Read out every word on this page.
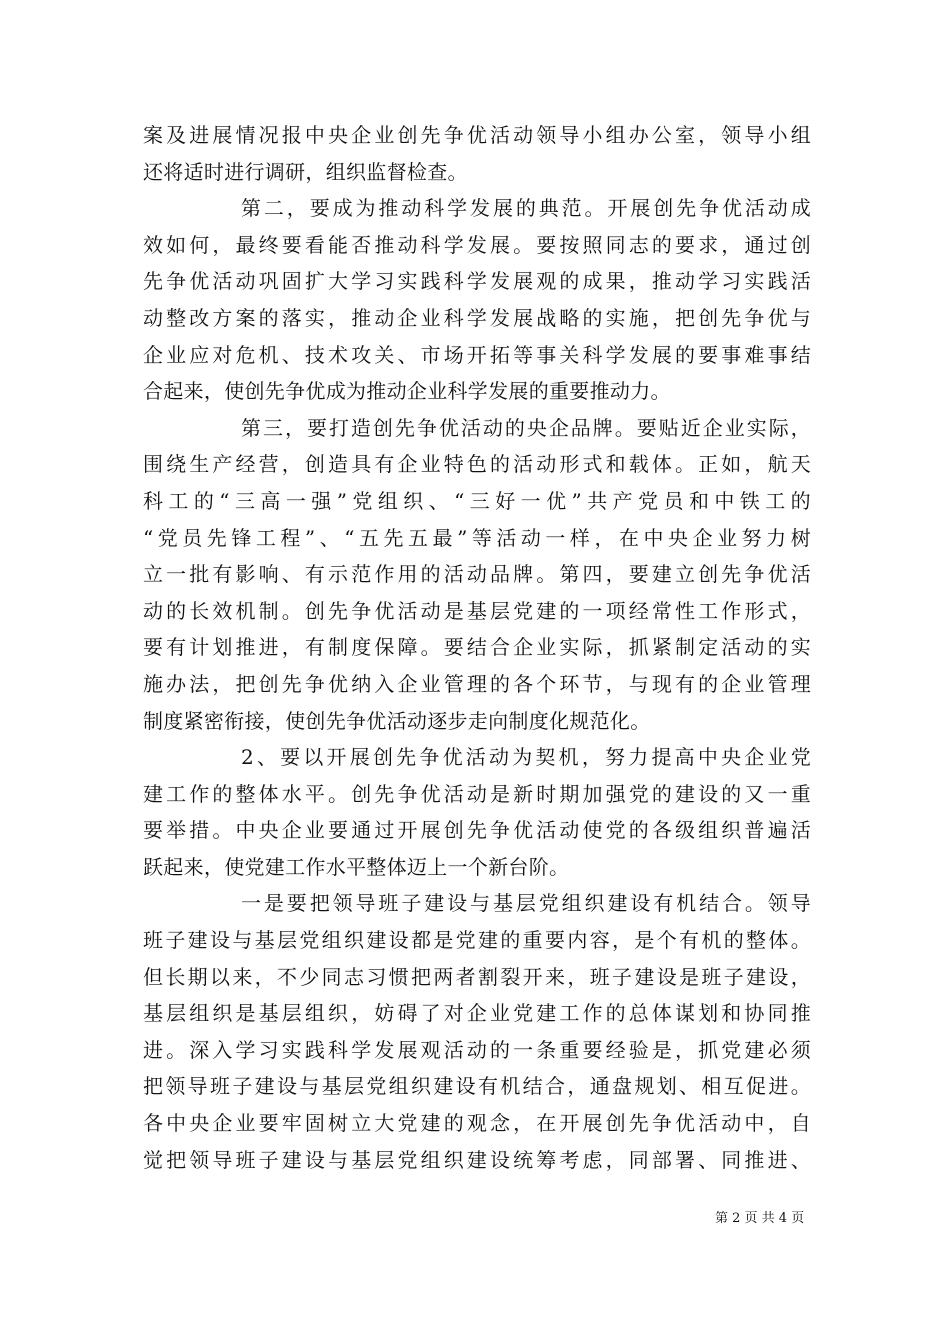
案及进展情况报中央企业创先争优活动领导小组办公室，领导小组
还将适时进行调研，组织监督检查。
第二，要成为推动科学发展的典范。开展创先争优活动成
效如何，最终要看能否推动科学发展。要按照同志的要求，通过创
先争优活动巩固扩大学习实践科学发展观的成果，推动学习实践活
动整改方案的落实，推动企业科学发展战略的实施，把创先争优与
企业应对危机、技术攻关、市场开拓等事关科学发展的要事难事结
合起来，使创先争优成为推动企业科学发展的重要推动力。
第三，要打造创先争优活动的央企品牌。要贴近企业实际，
围绕生产经营，创造具有企业特色的活动形式和载体。正如，航天
科工的“三高一强”党组织、“三好一优”共产党员和中铁工的
“党员先锋工程”、“五先五最”等活动一样，在中央企业努力树
立一批有影响、有示范作用的活动品牌。第四，要建立创先争优活
动的长效机制。创先争优活动是基层党建的一项经常性工作形式，
要有计划推进，有制度保障。要结合企业实际，抓紧制定活动的实
施办法，把创先争优纳入企业管理的各个环节，与现有的企业管理
制度紧密衔接，使创先争优活动逐步走向制度化规范化。
2、要以开展创先争优活动为契机，努力提高中央企业党
建工作的整体水平。创先争优活动是新时期加强党的建设的又一重
要举措。中央企业要通过开展创先争优活动使党的各级组织普遍活
跃起来，使党建工作水平整体迈上一个新台阶。
一是要把领导班子建设与基层党组织建设有机结合。领导
班子建设与基层党组织建设都是党建的重要内容，是个有机的整体。
但长期以来，不少同志习惯把两者割裂开来，班子建设是班子建设，
基层组织是基层组织，妨碍了对企业党建工作的总体谋划和协同推
进。深入学习实践科学发展观活动的一条重要经验是，抓党建必须
把领导班子建设与基层党组织建设有机结合，通盘规划、相互促进。
各中央企业要牢固树立大党建的观念，在开展创先争优活动中，自
觉把领导班子建设与基层党组织建设统筹考虑，同部署、同推进、
第 2 页 共 4 页
